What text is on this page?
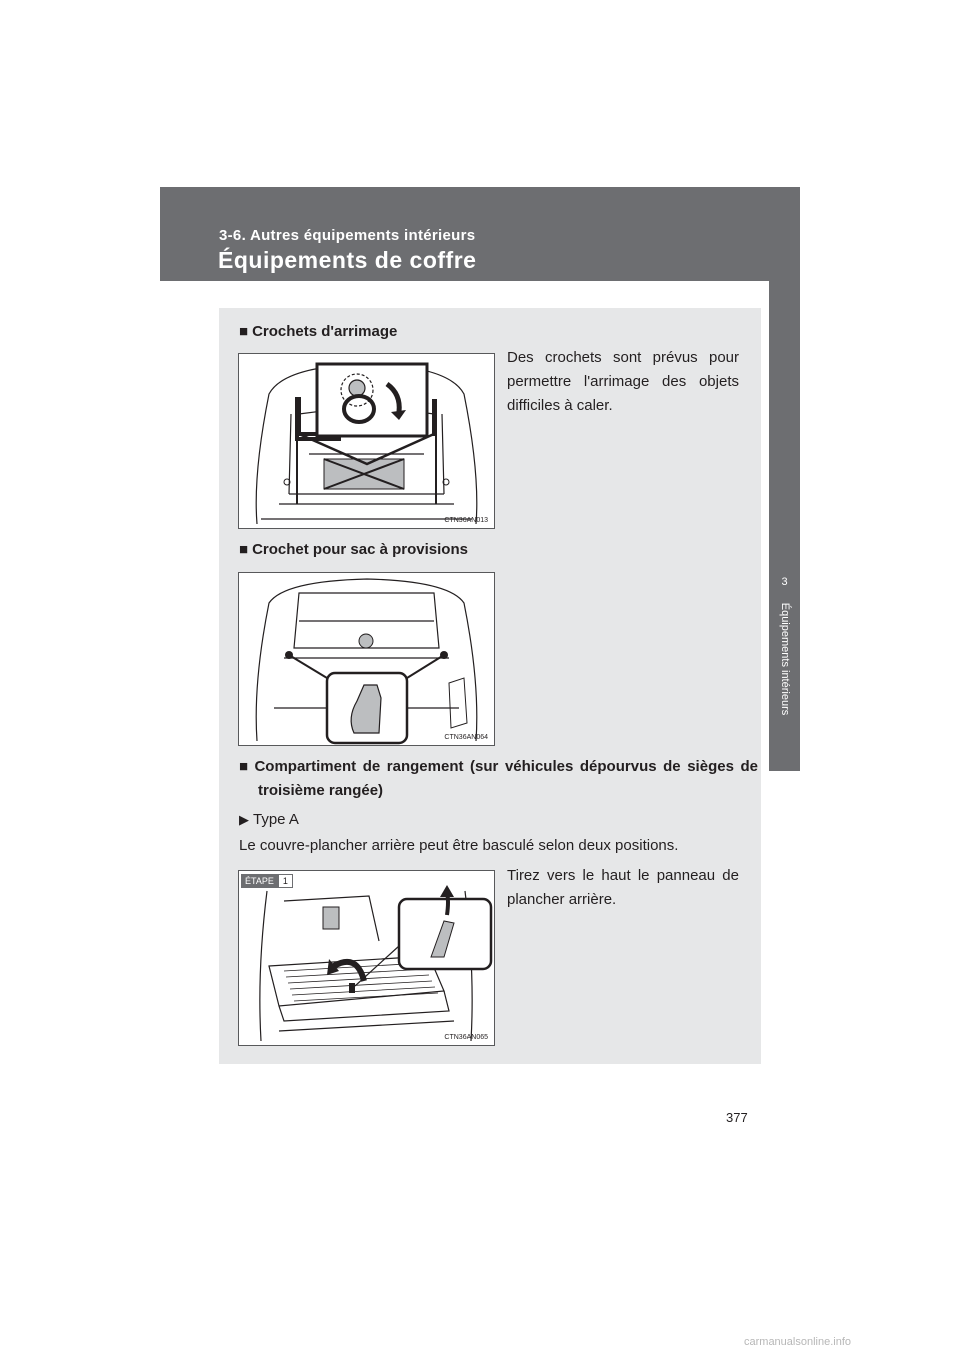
3-6. Autres équipements intérieurs
Équipements de coffre
3
Équipements intérieurs
■ Crochets d'arrimage
CTN36AN013
Des crochets sont prévus pour permettre l'arrimage des objets difficiles à caler.
■ Crochet pour sac à provisions
CTN36AN064
■ Compartiment de rangement (sur véhicules dépourvus de sièges de troisième rangée)
▶ Type A
Le couvre-plancher arrière peut être basculé selon deux positions.
ÉTAPE	1
CTN36AN065
Tirez vers le haut le panneau de plancher arrière.
377
carmanualsonline.info
